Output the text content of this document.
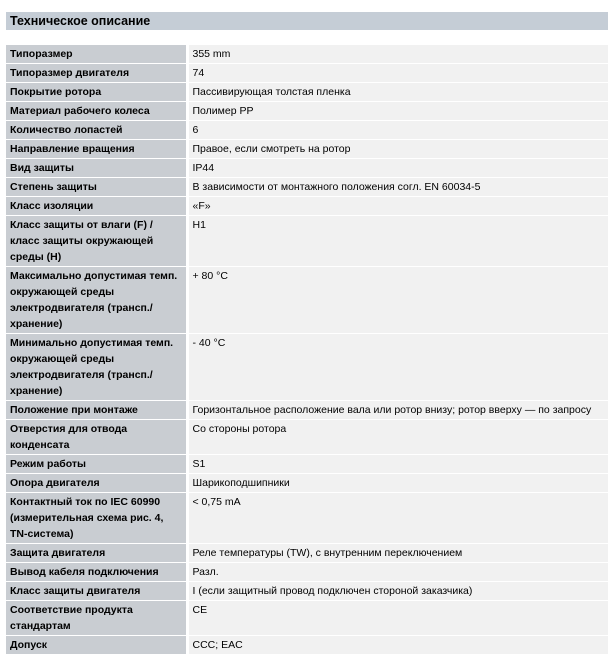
Техническое описание
Типоразмер	355 mm
Типоразмер двигателя	74
Покрытие ротора	Пассивирующая толстая пленка
Материал рабочего колеса	Полимер PP
Количество лопастей	6
Направление вращения	Правое, если смотреть на ротор
Вид защиты	IP44
Степень защиты	В зависимости от монтажного положения согл. EN 60034-5
Класс изоляции	«F»
Класс защиты от влаги (F) / класс защиты окружающей среды (H)	H1
Максимально допустимая темп. окружающей среды электродвигателя (трансп./хранение)	+ 80 °C
Минимально допустимая темп. окружающей среды электродвигателя (трансп./хранение)	- 40 °C
Положение при монтаже	Горизонтальное расположение вала или ротор внизу; ротор вверху — по запросу
Отверстия для отвода конденсата	Со стороны ротора
Режим работы	S1
Опора двигателя	Шарикоподшипники
Контактный ток по IEC 60990 (измерительная схема рис. 4, TN-система)	< 0,75 mA
Защита двигателя	Реле температуры (TW), с внутренним переключением
Вывод кабеля подключения	Разл.
Класс защиты двигателя	I (если защитный провод подключен стороной заказчика)
Соответствие продукта стандартам	CE
Допуск	CCC; EAC
